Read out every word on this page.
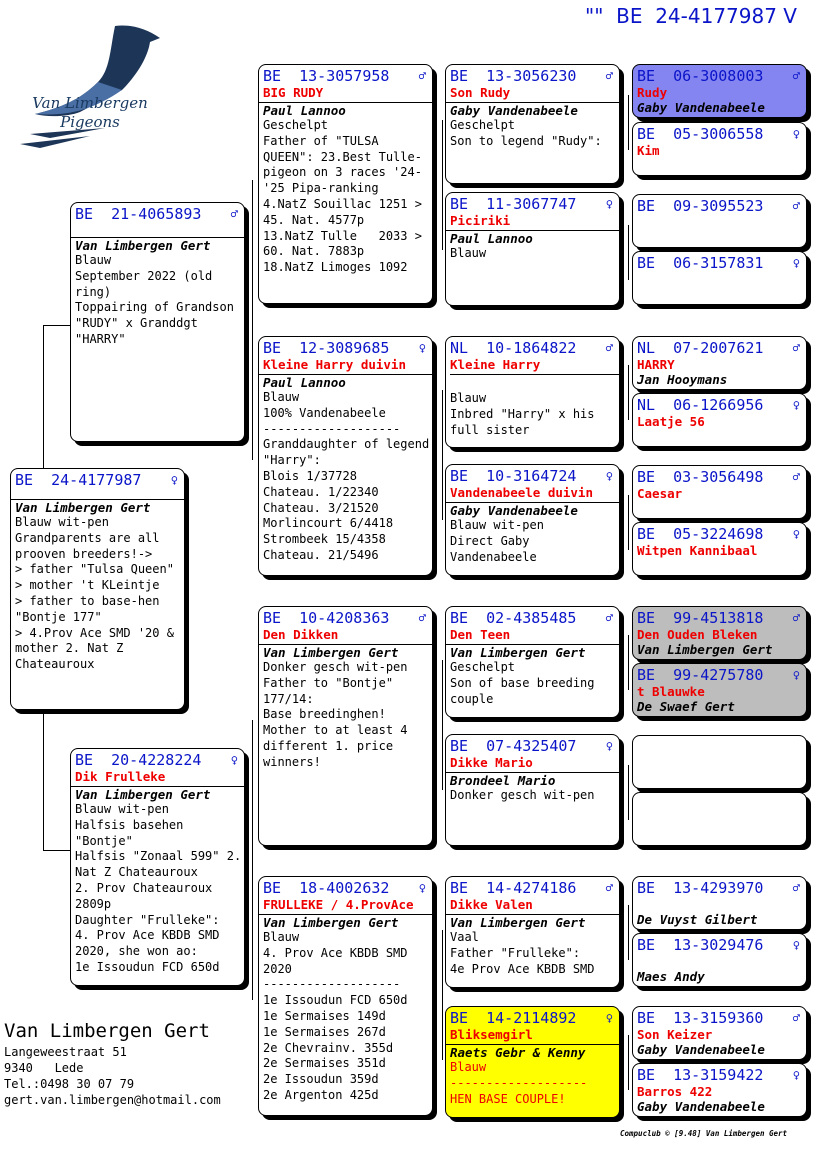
"" BE  24-4177987 V
Van Limbergen
Pigeons
BE  24-4177987	♀
Van Limbergen Gert
Blauw wit-pen
Grandparents are all prooven breeders!->
> father "Tulsa Queen"
> mother 't KLeintje
> father to base-hen "Bontje 177"
> 4.Prov Ace SMD '20 & mother 2. Nat Z Chateauroux
BE  21-4065893	♂
Van Limbergen Gert
Blauw
September 2022 (old ring)
Toppairing of Grandson "RUDY" x Granddgt "HARRY"
BE  20-4228224	♀
Dik Frulleke
Van Limbergen Gert
Blauw wit-pen
Halfsis basehen "Bontje"
Halfsis "Zonaal 599" 2. Nat Z Chateauroux
2. Prov Chateauroux 2809p
Daughter "Frulleke":
4. Prov Ace KBDB SMD 2020, she won ao:
1e Issoudun FCD 650d
BE  13-3057958	♂
BIG RUDY
Paul Lannoo
Geschelpt
Father of "TULSA QUEEN": 23.Best Tulle-pigeon on 3 races '24-'25 Pipa-ranking
4.NatZ Souillac 1251 > 45. Nat. 4577p
13.NatZ Tulle   2033 > 60. Nat. 7883p
18.NatZ Limoges 1092
BE  12-3089685	♀
Kleine Harry duivin
Paul Lannoo
Blauw
100% Vandenabeele
-------------------
Granddaughter of legend "Harry":
Blois 1/37728
Chateau. 1/22340
Chateau. 3/21520
Morlincourt 6/4418
Strombeek 15/4358
Chateau. 21/5496
BE  10-4208363	♂
Den Dikken
Van Limbergen Gert
Donker gesch wit-pen
Father to "Bontje" 177/14:
Base breedinghen!
Mother to at least 4 different 1. price winners!
BE  18-4002632	♀
FRULLEKE / 4.ProvAce
Van Limbergen Gert
Blauw
4. Prov Ace KBDB SMD 2020
-------------------
1e Issoudun FCD 650d
1e Sermaises 149d
1e Sermaises 267d
2e Chevrainv. 355d
2e Sermaises 351d
2e Issoudun 359d
2e Argenton 425d
BE  13-3056230	♂
Son Rudy
Gaby Vandenabeele
Geschelpt
Son to legend "Rudy":
BE  11-3067747	♀
Piciriki
Paul Lannoo
Blauw
NL  10-1864822	♂
Kleine Harry
Blauw
Inbred "Harry" x his full sister
BE  10-3164724	♀
Vandenabeele duivin
Gaby Vandenabeele
Blauw wit-pen
Direct Gaby Vandenabeele
BE  02-4385485	♂
Den Teen
Van Limbergen Gert
Geschelpt
Son of base breeding couple
BE  07-4325407	♀
Dikke Mario
Brondeel Mario
Donker gesch wit-pen
BE  14-4274186	♂
Dikke Valen
Van Limbergen Gert
Vaal
Father "Frulleke":
4e Prov Ace KBDB SMD
BE  14-2114892	♀
Bliksemgirl
Raets Gebr & Kenny
Blauw
-------------------
HEN BASE COUPLE!
BE  06-3008003	♂
Rudy
Gaby Vandenabeele
BE  05-3006558	♀
Kim
BE  09-3095523	♂
BE  06-3157831	♀
NL  07-2007621	♂
HARRY
Jan Hooymans
NL  06-1266956	♀
Laatje 56
BE  03-3056498	♂
Caesar
BE  05-3224698	♀
Witpen Kannibaal
BE  99-4513818	♂
Den Ouden Bleken
Van Limbergen Gert
BE  99-4275780	♀
t Blauwke
De Swaef Gert
BE  13-4293970	♂
De Vuyst Gilbert
BE  13-3029476	♀
Maes Andy
BE  13-3159360	♂
Son Keizer
Gaby Vandenabeele
BE  13-3159422	♀
Barros 422
Gaby Vandenabeele
Van Limbergen Gert
Langeweestraat 51
9340   Lede
Tel.:0498 30 07 79
gert.van.limbergen@hotmail.com
Compuclub © [9.48] Van Limbergen Gert
